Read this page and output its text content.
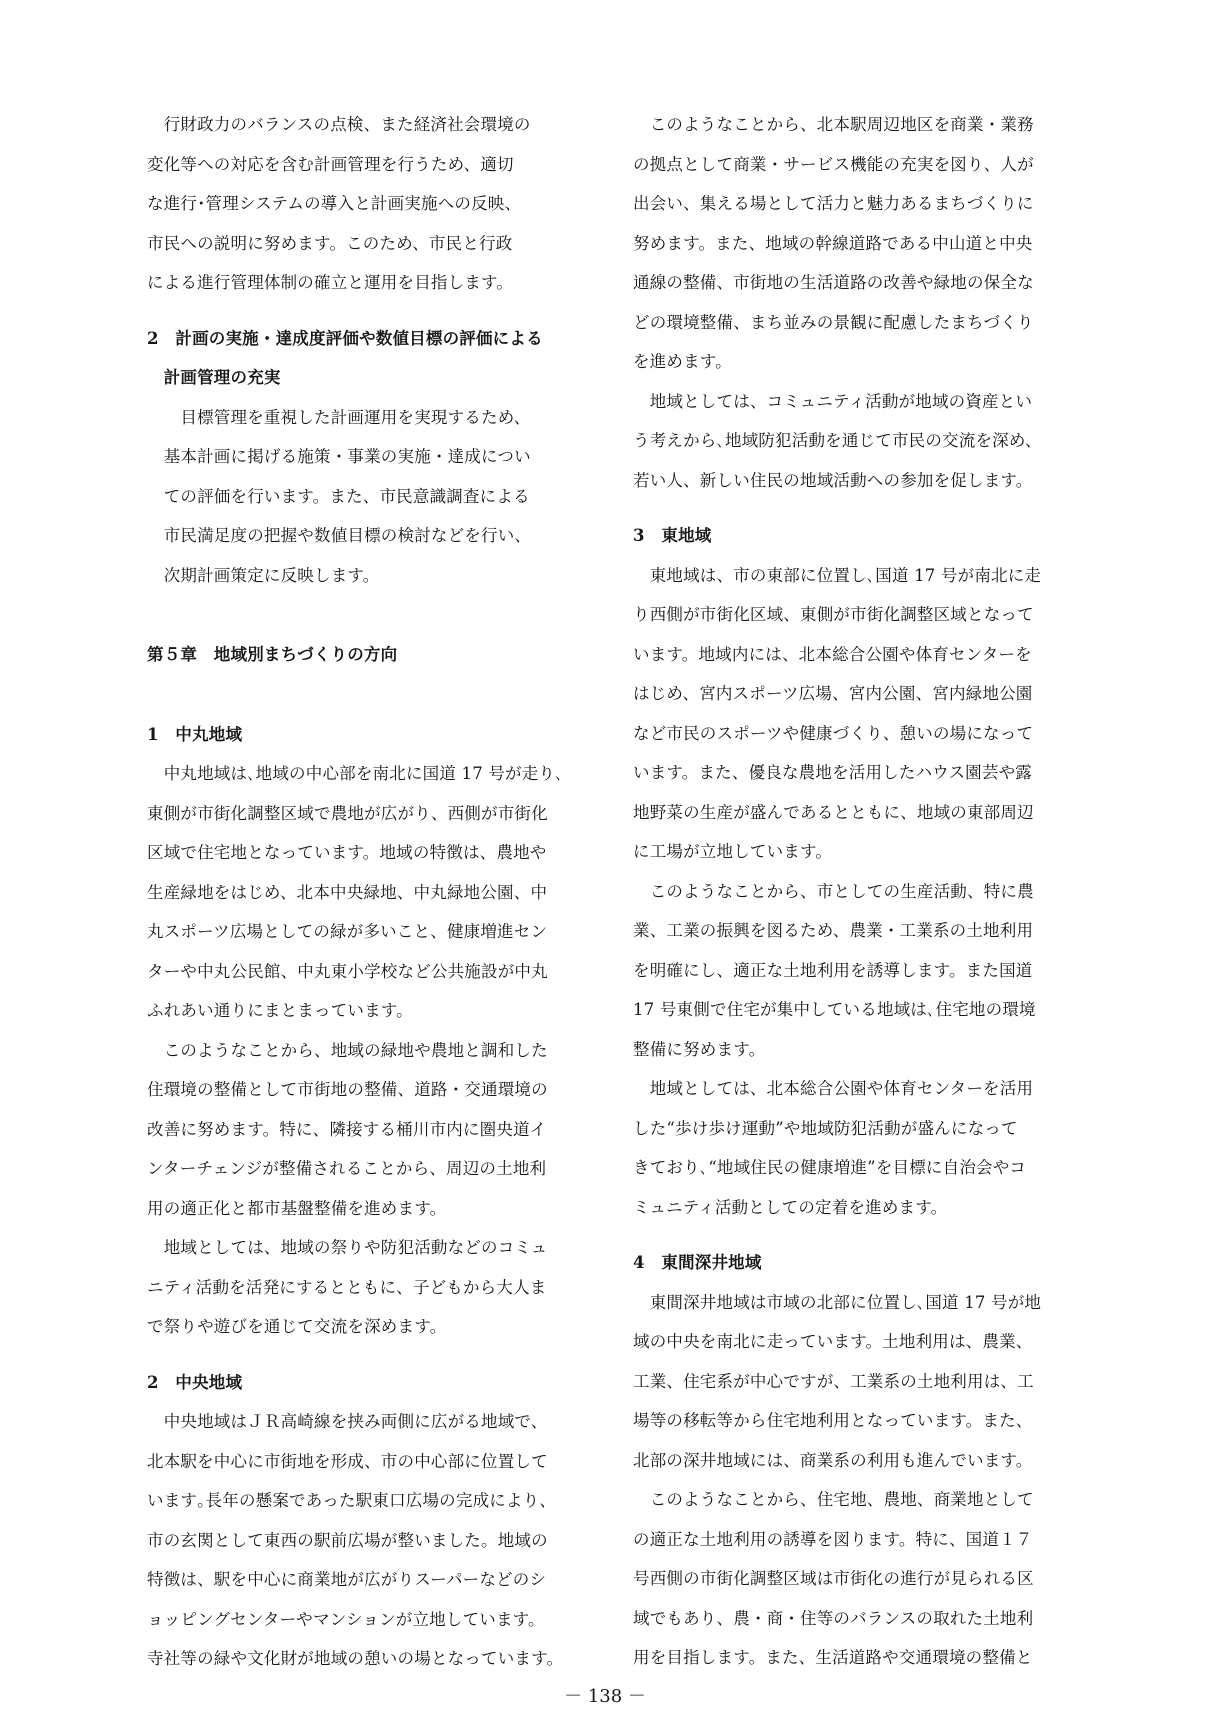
　行財政力のバランスの点検、また経済社会環境の
変化等への対応を含む計画管理を行うため、適切
な進行･管理システムの導入と計画実施への反映、
市民への説明に努めます。このため、市民と行政
による進行管理体制の確立と運用を目指します。
2　計画の実施・達成度評価や数値目標の評価による
　計画管理の充実
　　目標管理を重視した計画運用を実現するため、
　基本計画に掲げる施策・事業の実施・達成につい
　ての評価を行います。また、市民意識調査による
　市民満足度の把握や数値目標の検討などを行い、
　次期計画策定に反映します。
第５章　地域別まちづくりの方向
1　中丸地域
　中丸地域は､地域の中心部を南北に国道 17 号が走り､
東側が市街化調整区域で農地が広がり、西側が市街化
区域で住宅地となっています。地域の特徴は、農地や
生産緑地をはじめ、北本中央緑地、中丸緑地公園、中
丸スポーツ広場としての緑が多いこと、健康増進セン
ターや中丸公民館、中丸東小学校など公共施設が中丸
ふれあい通りにまとまっています。
　このようなことから、地域の緑地や農地と調和した
住環境の整備として市街地の整備、道路・交通環境の
改善に努めます。特に、隣接する桶川市内に圏央道イ
ンターチェンジが整備されることから、周辺の土地利
用の適正化と都市基盤整備を進めます。
　地域としては、地域の祭りや防犯活動などのコミュ
ニティ活動を活発にするとともに、子どもから大人ま
で祭りや遊びを通じて交流を深めます。
2　中央地域
　中央地域はＪＲ高崎線を挟み両側に広がる地域で、
北本駅を中心に市街地を形成、市の中心部に位置して
います｡長年の懸案であった駅東口広場の完成により、
市の玄関として東西の駅前広場が整いました。地域の
特徴は、駅を中心に商業地が広がりスーパーなどのシ
ョッピングセンターやマンションが立地しています。
寺社等の緑や文化財が地域の憩いの場となっています。
　このようなことから、北本駅周辺地区を商業・業務
の拠点として商業・サービス機能の充実を図り、人が
出会い、集える場として活力と魅力あるまちづくりに
努めます。また、地域の幹線道路である中山道と中央
通線の整備、市街地の生活道路の改善や緑地の保全な
どの環境整備、まち並みの景観に配慮したまちづくり
を進めます。
　地域としては、コミュニティ活動が地域の資産とい
う考えから､地域防犯活動を通じて市民の交流を深め、
若い人、新しい住民の地域活動への参加を促します。
3　東地域
　東地域は、市の東部に位置し､国道 17 号が南北に走
り西側が市街化区域、東側が市街化調整区域となって
います。地域内には、北本総合公園や体育センターを
はじめ、宮内スポーツ広場、宮内公園、宮内緑地公園
など市民のスポーツや健康づくり、憩いの場になって
います。また、優良な農地を活用したハウス園芸や露
地野菜の生産が盛んであるとともに、地域の東部周辺
に工場が立地しています。
　このようなことから、市としての生産活動、特に農
業、工業の振興を図るため、農業・工業系の土地利用
を明確にし、適正な土地利用を誘導します。また国道
17 号東側で住宅が集中している地域は､住宅地の環境
整備に努めます。
　地域としては、北本総合公園や体育センターを活用
した“歩け歩け運動”や地域防犯活動が盛んになって
きており､“地域住民の健康増進”を目標に自治会やコ
ミュニティ活動としての定着を進めます。
4　東間深井地域
　東間深井地域は市域の北部に位置し､国道 17 号が地
域の中央を南北に走っています。土地利用は、農業、
工業、住宅系が中心ですが、工業系の土地利用は、工
場等の移転等から住宅地利用となっています。また、
北部の深井地域には、商業系の利用も進んでいます。
　このようなことから、住宅地、農地、商業地として
の適正な土地利用の誘導を図ります。特に、国道１７
号西側の市街化調整区域は市街化の進行が見られる区
域でもあり、農・商・住等のバランスの取れた土地利
用を目指します。また、生活道路や交通環境の整備と
－ 138 －
